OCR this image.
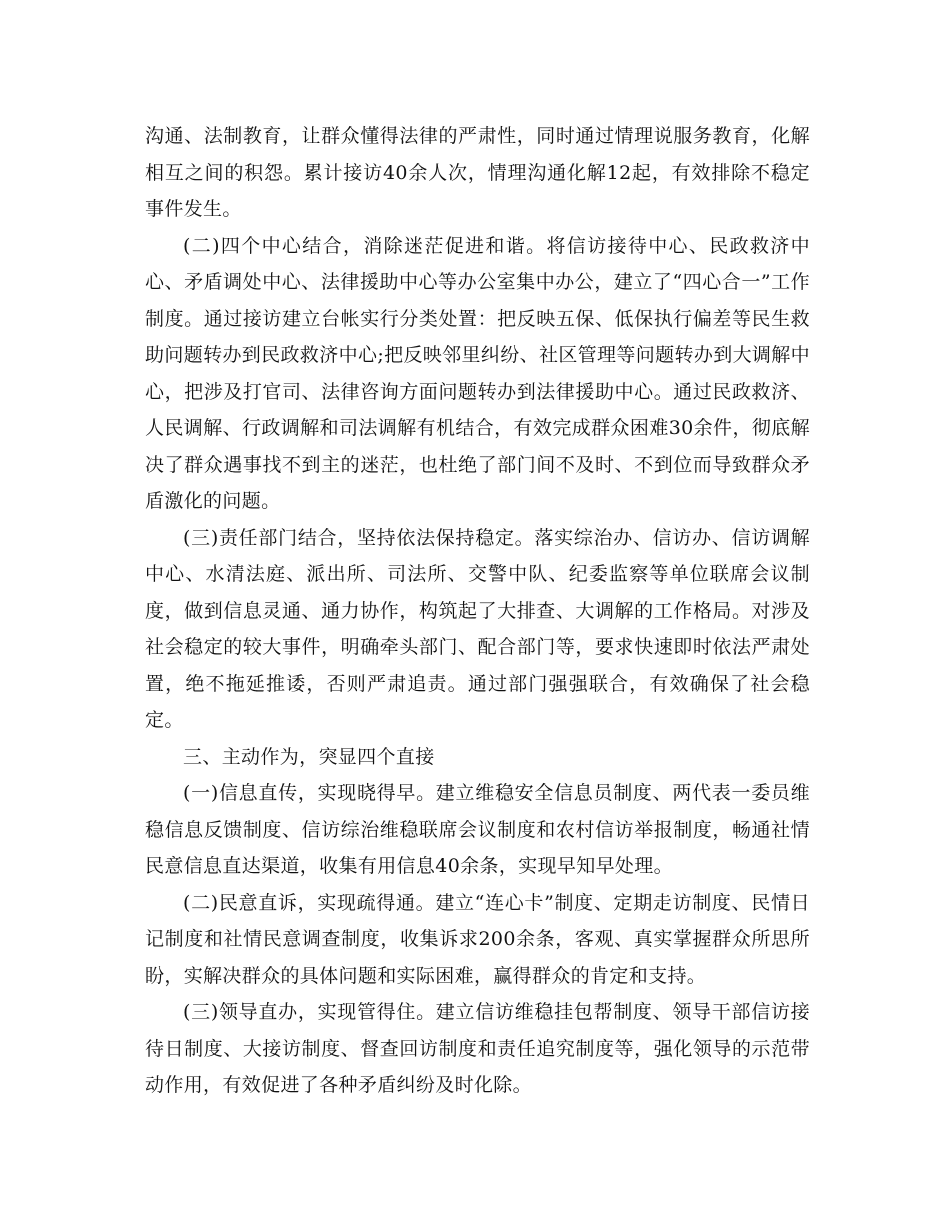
沟通、法制教育，让群众懂得法律的严肃性，同时通过情理说服务教育，化解相互之间的积怨。累计接访40余人次，情理沟通化解12起，有效排除不稳定事件发生。

(二)四个中心结合，消除迷茫促进和谐。将信访接待中心、民政救济中心、矛盾调处中心、法律援助中心等办公室集中办公，建立了“四心合一”工作制度。通过接访建立台帐实行分类处置：把反映五保、低保执行偏差等民生救助问题转办到民政救济中心;把反映邻里纠纷、社区管理等问题转办到大调解中心，把涉及打官司、法律咨询方面问题转办到法律援助中心。通过民政救济、人民调解、行政调解和司法调解有机结合，有效完成群众困难30余件，彻底解决了群众遇事找不到主的迷茫，也杜绝了部门间不及时、不到位而导致群众矛盾激化的问题。

(三)责任部门结合，坚持依法保持稳定。落实综治办、信访办、信访调解中心、水清法庭、派出所、司法所、交警中队、纪委监察等单位联席会议制度，做到信息灵通、通力协作，构筑起了大排查、大调解的工作格局。对涉及社会稳定的较大事件，明确牵头部门、配合部门等，要求快速即时依法严肃处置，绝不拖延推诿，否则严肃追责。通过部门强强联合，有效确保了社会稳定。

三、主动作为，突显四个直接

(一)信息直传，实现晓得早。建立维稳安全信息员制度、两代表一委员维稳信息反馈制度、信访综治维稳联席会议制度和农村信访举报制度，畅通社情民意信息直达渠道，收集有用信息40余条，实现早知早处理。

(二)民意直诉，实现疏得通。建立“连心卡”制度、定期走访制度、民情日记制度和社情民意调查制度，收集诉求200余条，客观、真实掌握群众所思所盼，实解决群众的具体问题和实际困难，赢得群众的肯定和支持。

(三)领导直办，实现管得住。建立信访维稳挂包帮制度、领导干部信访接待日制度、大接访制度、督查回访制度和责任追究制度等，强化领导的示范带动作用，有效促进了各种矛盾纠纷及时化除。
